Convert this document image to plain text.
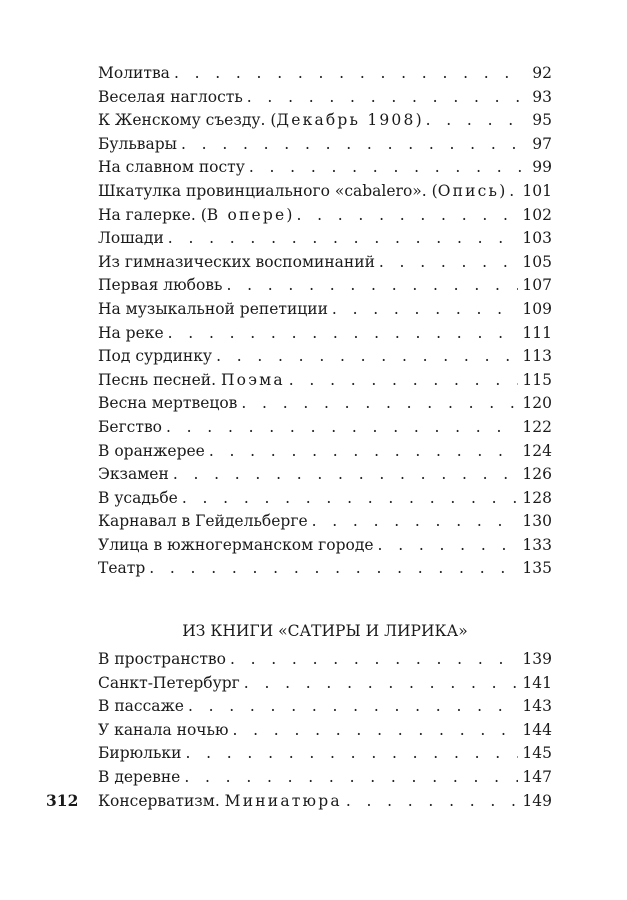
Молитва . . .	92
Веселая наглость . . .	93
К Женскому съезду. (Декабрь 1908) . . .	95
Бульвары . . .	97
На славном посту . . .	99
Шкатулка провинциального «cabalero». (Опись) . . . 101
На галерке. (В опере) . . .	102
Лошади . . .	103
Из гимназических воспоминаний . . .	105
Первая любовь . . .	107
На музыкальной репетиции . . .	109
На реке . . .	111
Под сурдинку . . .	113
Песнь песней. Поэма . . .	115
Весна мертвецов . . .	120
Бегство . . .	122
В оранжерее . . .	124
Экзамен . . .	126
В усадьбе . . .	128
Карнавал в Гейдельберге . . .	130
Улица в южногерманском городе . . .	133
Театр . . .	135
ИЗ КНИГИ «САТИРЫ И ЛИРИКА»
В пространство . . .	139
Санкт-Петербург . . .	141
В пассаже . . .	143
У канала ночью . . .	144
Бирюльки . . .	145
В деревне . . .	147
Консерватизм. Миниатюра . . .	149
312
